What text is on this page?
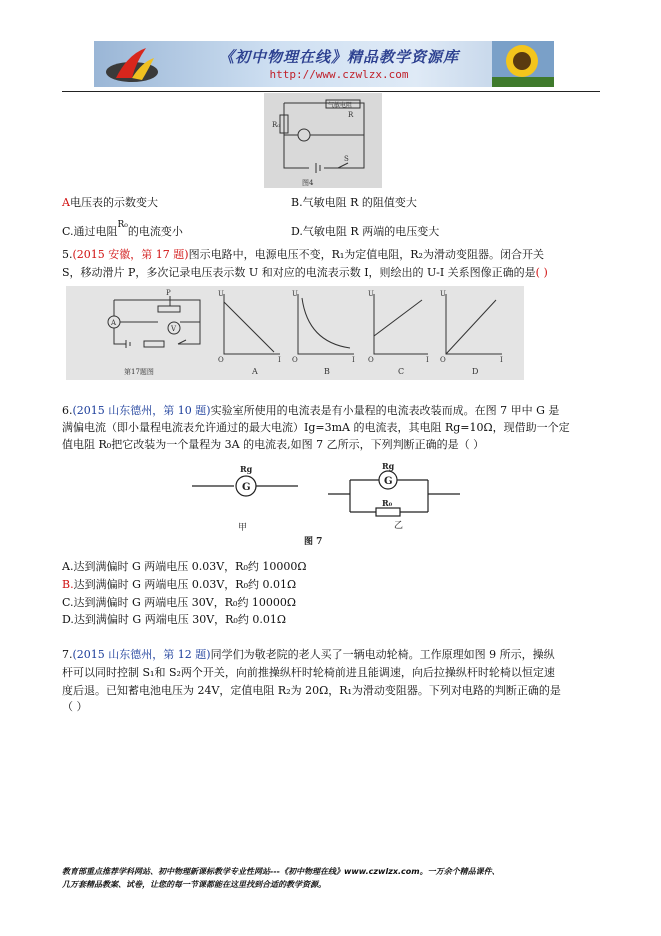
《初中物理在线》精品教学资源库
http://www.czwlzx.com
R₀
气敏电阻
R
S
图4
A电压表的示数变大	B.气敏电阻 R 的阻值变大
C.通过电阻$^{R_0}$的电流变小	D.气敏电阻 R 两端的电压变大
5.(2015 安徽，第 17 题)图示电路中，电源电压不变，R₁为定值电阻，R₂为滑动变阻器。闭合开关
S，移动滑片 P，多次记录电压表示数 U 和对应的电流表示数 I，则绘出的 U-I 关系图像正确的是( )
A
V
P
第17题图
U
I
O
A
U
I
O
B
U
I
O
C
U
I
O
D
6.(2015 山东德州，第 10 题)实验室所使用的电流表是有小量程的电流表改装而成。在图 7 甲中 G 是
满偏电流（即小量程电流表允许通过的最大电流）Ig=3mA 的电流表，其电阻 Rg=10Ω，现借助一个定
值电阻 R₀把它改装为一个量程为 3A 的电流表,如图 7 乙所示，下列判断正确的是（ ）
G
Rg
G
Rg
R₀
甲	乙
图 7
A.达到满偏时 G 两端电压 0.03V，R₀约 10000Ω
B.达到满偏时 G 两端电压 0.03V，R₀约 0.01Ω
C.达到满偏时 G 两端电压 30V，R₀约 10000Ω
D.达到满偏时 G 两端电压 30V，R₀约 0.01Ω
7.(2015 山东德州，第 12 题)同学们为敬老院的老人买了一辆电动轮椅。工作原理如图 9 所示，操纵
杆可以同时控制 S₁和 S₂两个开关，向前推操纵杆时轮椅前进且能调速，向后拉操纵杆时轮椅以恒定速
度后退。已知蓄电池电压为 24V，定值电阻 R₂为 20Ω，R₁为滑动变阻器。下列对电路的判断正确的是
（ ）
教育部重点推荐学科网站、初中物理新课标教学专业性网站---《初中物理在线》www.czwlzx.com。一万余个精品课件、
几万套精品教案、试卷，让您的每一节课都能在这里找到合适的教学资源。
